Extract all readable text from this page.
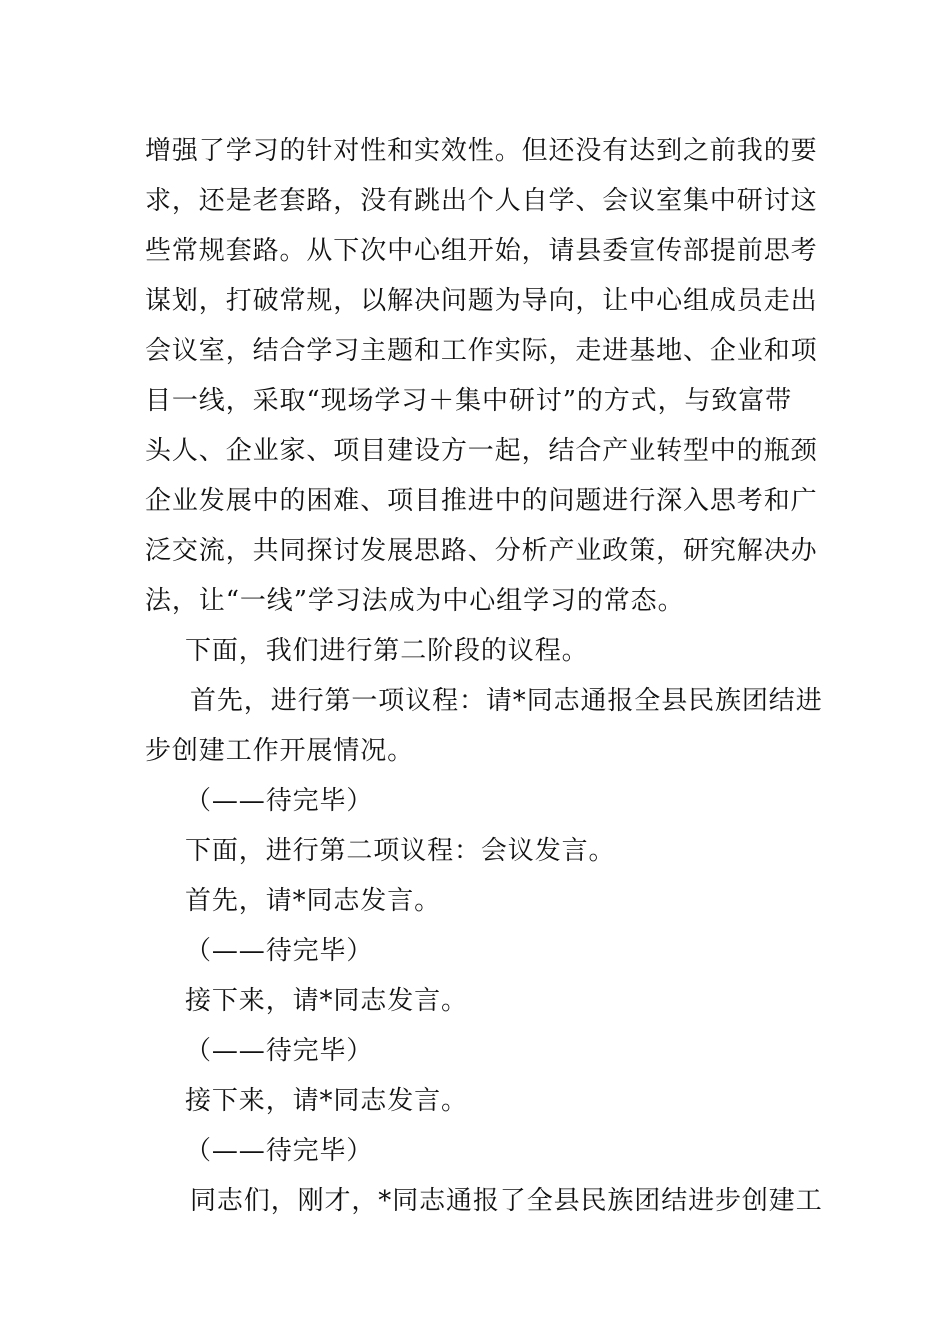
增强了学习的针对性和实效性。但还没有达到之前我的要
求，还是老套路，没有跳出个人自学、会议室集中研讨这
些常规套路。从下次中心组开始，请县委宣传部提前思考
谋划，打破常规，以解决问题为导向，让中心组成员走出
会议室，结合学习主题和工作实际，走进基地、企业和项
目一线，采取“现场学习＋集中研讨”的方式，与致富带
头人、企业家、项目建设方一起，结合产业转型中的瓶颈
企业发展中的困难、项目推进中的问题进行深入思考和广
泛交流，共同探讨发展思路、分析产业政策，研究解决办
法，让“一线”学习法成为中心组学习的常态。
下面，我们进行第二阶段的议程。
首先，进行第一项议程：请*同志通报全县民族团结进
步创建工作开展情况。
（——待完毕）
下面，进行第二项议程：会议发言。
首先，请*同志发言。
（——待完毕）
接下来，请*同志发言。
（——待完毕）
接下来，请*同志发言。
（——待完毕）
同志们，刚才，*同志通报了全县民族团结进步创建工
